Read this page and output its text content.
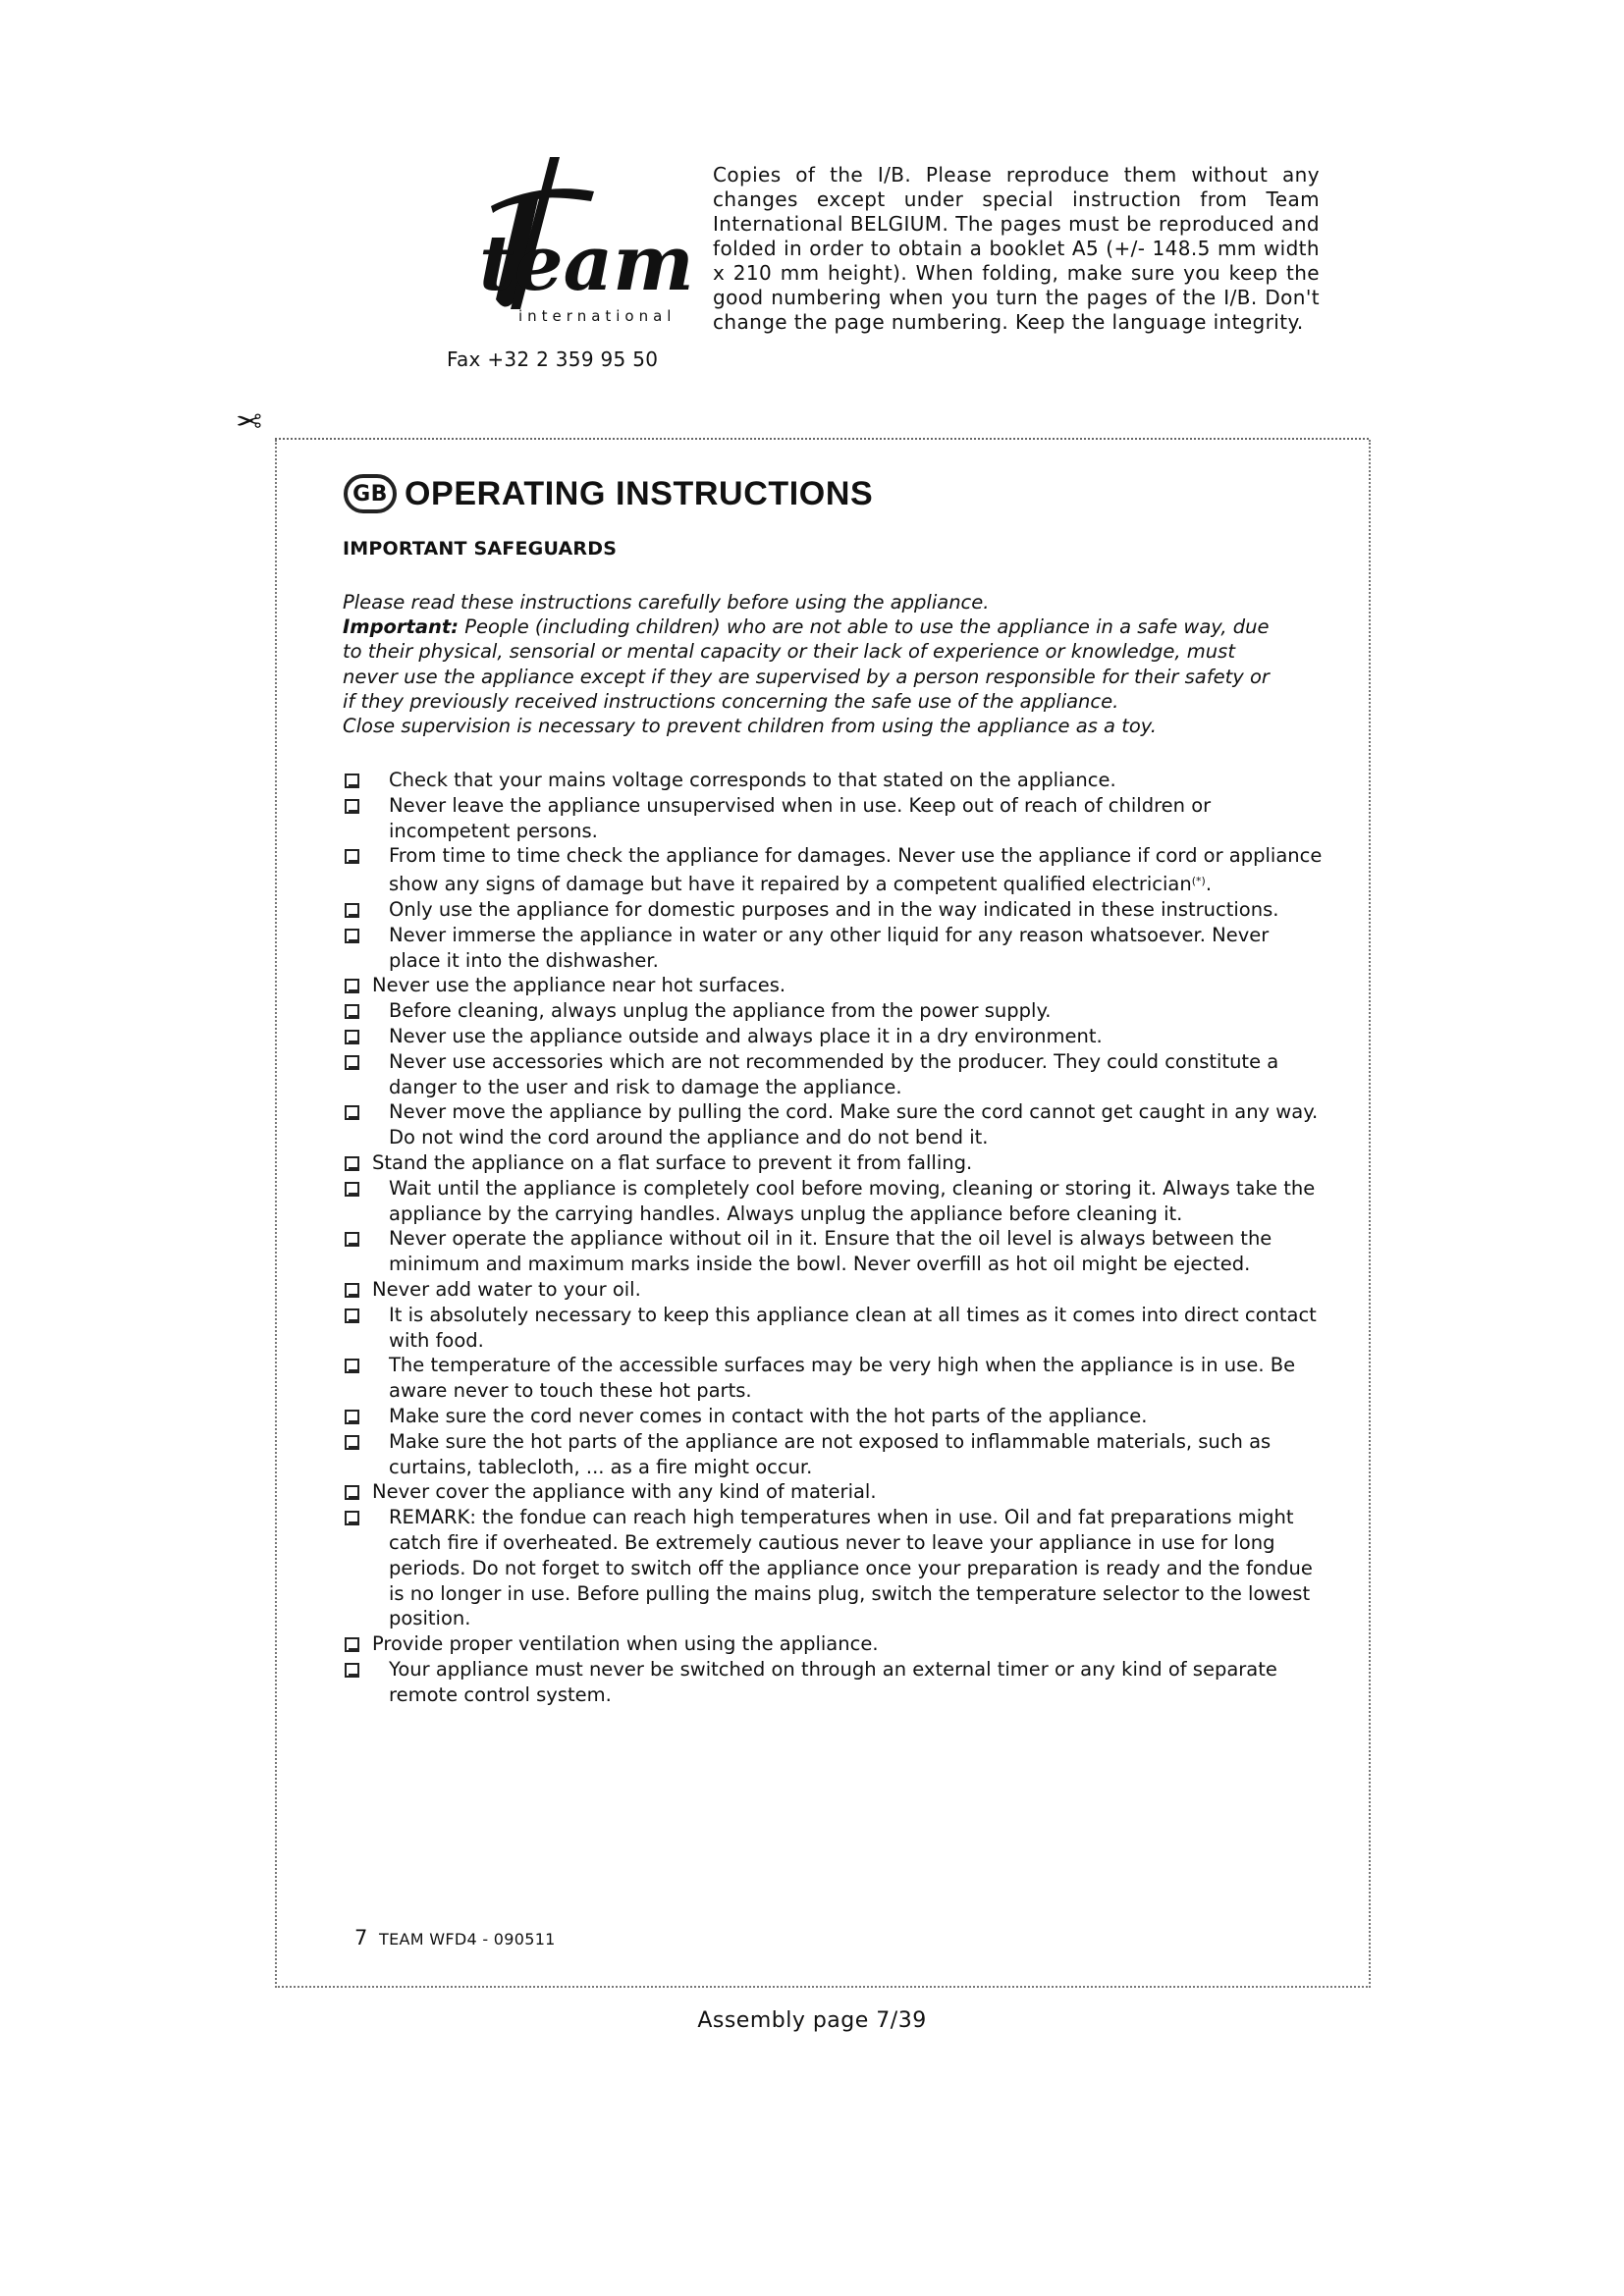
team
international
Fax +32 2 359 95 50
Copies of the I/B. Please reproduce them without any changes except under special instruction from Team International BELGIUM. The pages must be reproduced and folded in order to obtain a booklet A5 (+/- 148.5 mm width x 210 mm height). When folding, make sure you keep the good numbering when you turn the pages of the I/B. Don't change the page numbering. Keep the language integrity.
✂
GB OPERATING INSTRUCTIONS
IMPORTANT SAFEGUARDS

Please read these instructions carefully before using the appliance.

Important: People (including children) who are not able to use the appliance in a safe way, due to their physical, sensorial or mental capacity or their lack of experience or knowledge, must never use the appliance except if they are supervised by a person responsible for their safety or if they previously received instructions concerning the safe use of the appliance.

Close supervision is necessary to prevent children from using the appliance as a toy.

Check that your mains voltage corresponds to that stated on the appliance.
Never leave the appliance unsupervised when in use. Keep out of reach of children or incompetent persons.
From time to time check the appliance for damages. Never use the appliance if cord or appliance show any signs of damage but have it repaired by a competent qualified electrician(*).
Only use the appliance for domestic purposes and in the way indicated in these instructions.
Never immerse the appliance in water or any other liquid for any reason whatsoever. Never place it into the dishwasher.
Never use the appliance near hot surfaces.
Before cleaning, always unplug the appliance from the power supply.
Never use the appliance outside and always place it in a dry environment.
Never use accessories which are not recommended by the producer. They could constitute a danger to the user and risk to damage the appliance.
Never move the appliance by pulling the cord. Make sure the cord cannot get caught in any way. Do not wind the cord around the appliance and do not bend it.
Stand the appliance on a flat surface to prevent it from falling.
Wait until the appliance is completely cool before moving, cleaning or storing it. Always take the appliance by the carrying handles. Always unplug the appliance before cleaning it.
Never operate the appliance without oil in it. Ensure that the oil level is always between the minimum and maximum marks inside the bowl. Never overfill as hot oil might be ejected.
Never add water to your oil.
It is absolutely necessary to keep this appliance clean at all times as it comes into direct contact with food.
The temperature of the accessible surfaces may be very high when the appliance is in use. Be aware never to touch these hot parts.
Make sure the cord never comes in contact with the hot parts of the appliance.
Make sure the hot parts of the appliance are not exposed to inflammable materials, such as curtains, tablecloth, ... as a fire might occur.
Never cover the appliance with any kind of material.
REMARK: the fondue can reach high temperatures when in use. Oil and fat preparations might catch fire if overheated. Be extremely cautious never to leave your appliance in use for long periods. Do not forget to switch off the appliance once your preparation is ready and the fondue is no longer in use. Before pulling the mains plug, switch the temperature selector to the lowest position.
Provide proper ventilation when using the appliance.
Your appliance must never be switched on through an external timer or any kind of separate remote control system.
7 TEAM WFD4 - 090511
Assembly page 7/39
